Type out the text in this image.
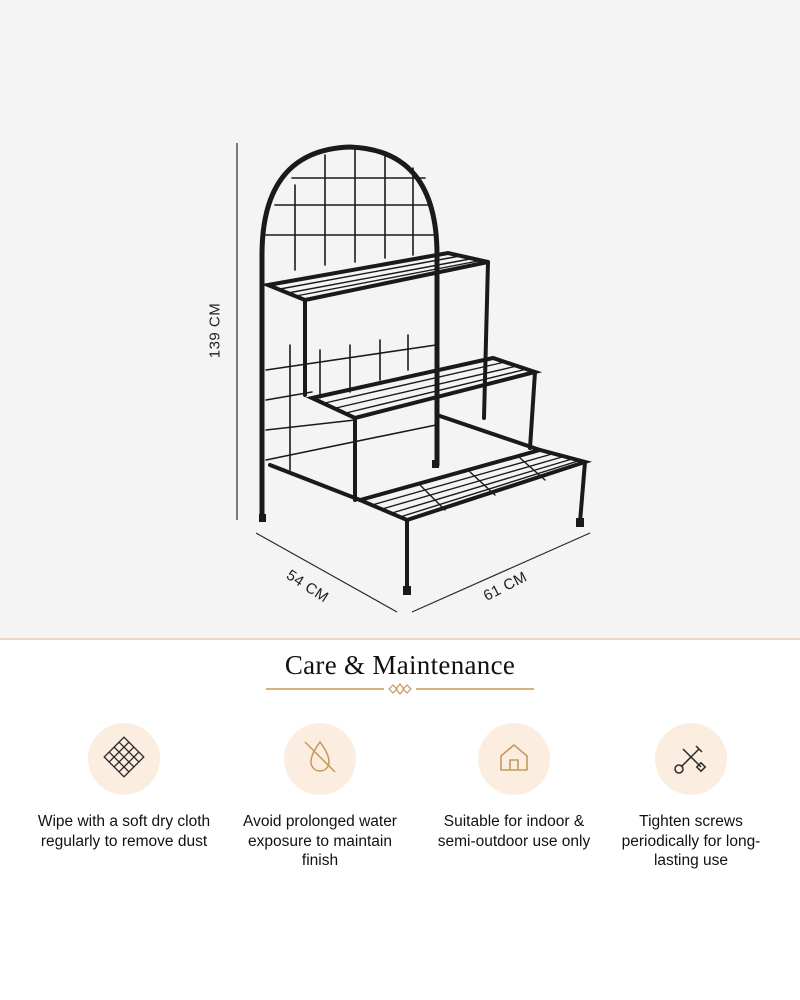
139 CM
54 CM	61 CM
Care & Maintenance
Wipe with a soft dry cloth regularly to remove dust
Avoid prolonged water exposure to maintain finish
Suitable for indoor & semi-outdoor use only
Tighten screws periodically for long-lasting use
